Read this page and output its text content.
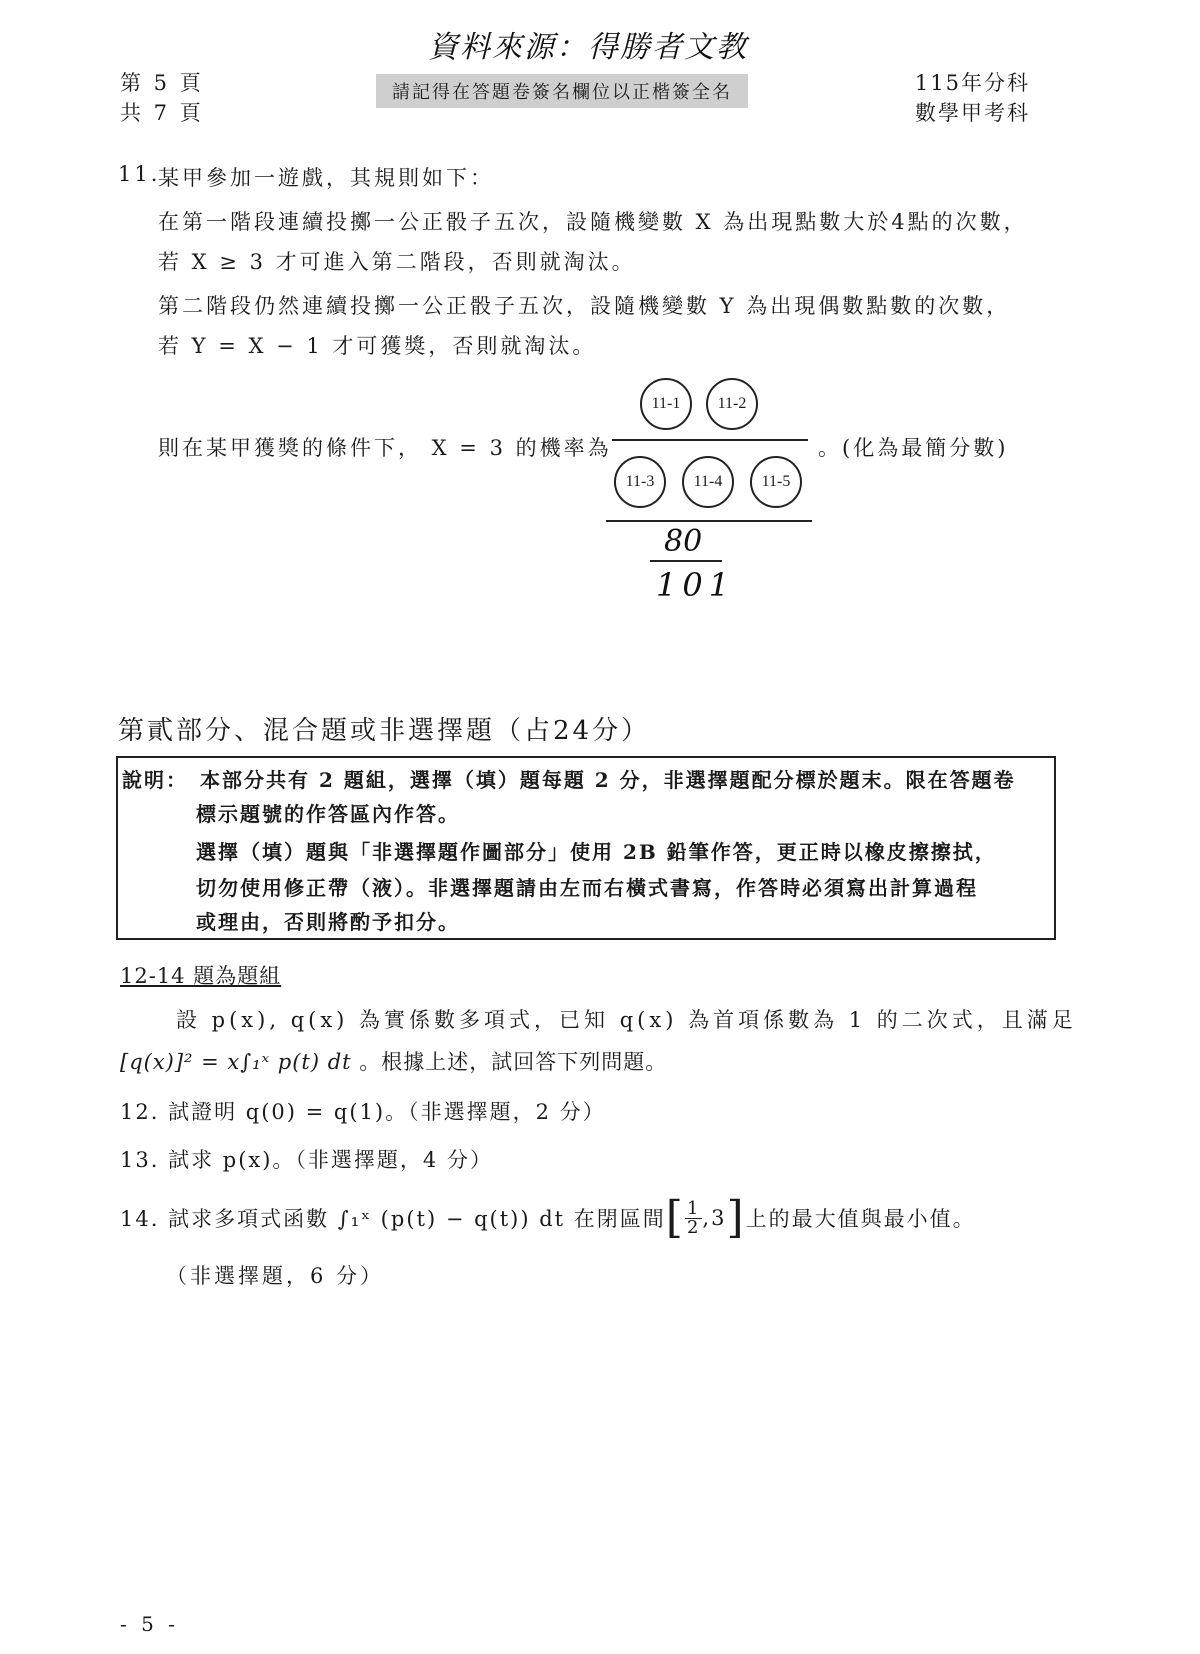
資料來源：得勝者文教
第 5 頁
共 7 頁
請記得在答題卷簽名欄位以正楷簽全名	115年分科
數學甲考科
11.
某甲參加一遊戲，其規則如下：
在第一階段連續投擲一公正骰子五次，設隨機變數 X 為出現點數大於4點的次數，
若 X ≥ 3 才可進入第二階段，否則就淘汰。
第二階段仍然連續投擲一公正骰子五次，設隨機變數 Y 為出現偶數點數的次數，
若 Y = X − 1 才可獲獎，否則就淘汰。
則在某甲獲獎的條件下， X = 3 的機率為
11-1	11-2
11-3	11-4	11-5
。(化為最簡分數)
80
101
第貳部分、混合題或非選擇題（占24分）
說明： 本部分共有 2 題組，選擇（填）題每題 2 分，非選擇題配分標於題末。限在答題卷
標示題號的作答區內作答。
選擇（填）題與「非選擇題作圖部分」使用 2B 鉛筆作答，更正時以橡皮擦擦拭，
切勿使用修正帶（液）。非選擇題請由左而右橫式書寫，作答時必須寫出計算過程
或理由，否則將酌予扣分。
12-14 題為題組
設 p(x), q(x) 為實係數多項式，已知 q(x) 為首項係數為 1 的二次式，且滿足
[q(x)]² = x∫₁ˣ p(t) dt 。根據上述，試回答下列問題。
12. 試證明 q(0) = q(1)。（非選擇題，2 分）
13. 試求 p(x)。（非選擇題，4 分）
14. 試求多項式函數 ∫₁ˣ (p(t) − q(t)) dt 在閉區間 [ $\frac{1}{2} ,3$ ] 上的最大值與最小值。
（非選擇題，6 分）
- 5 -
